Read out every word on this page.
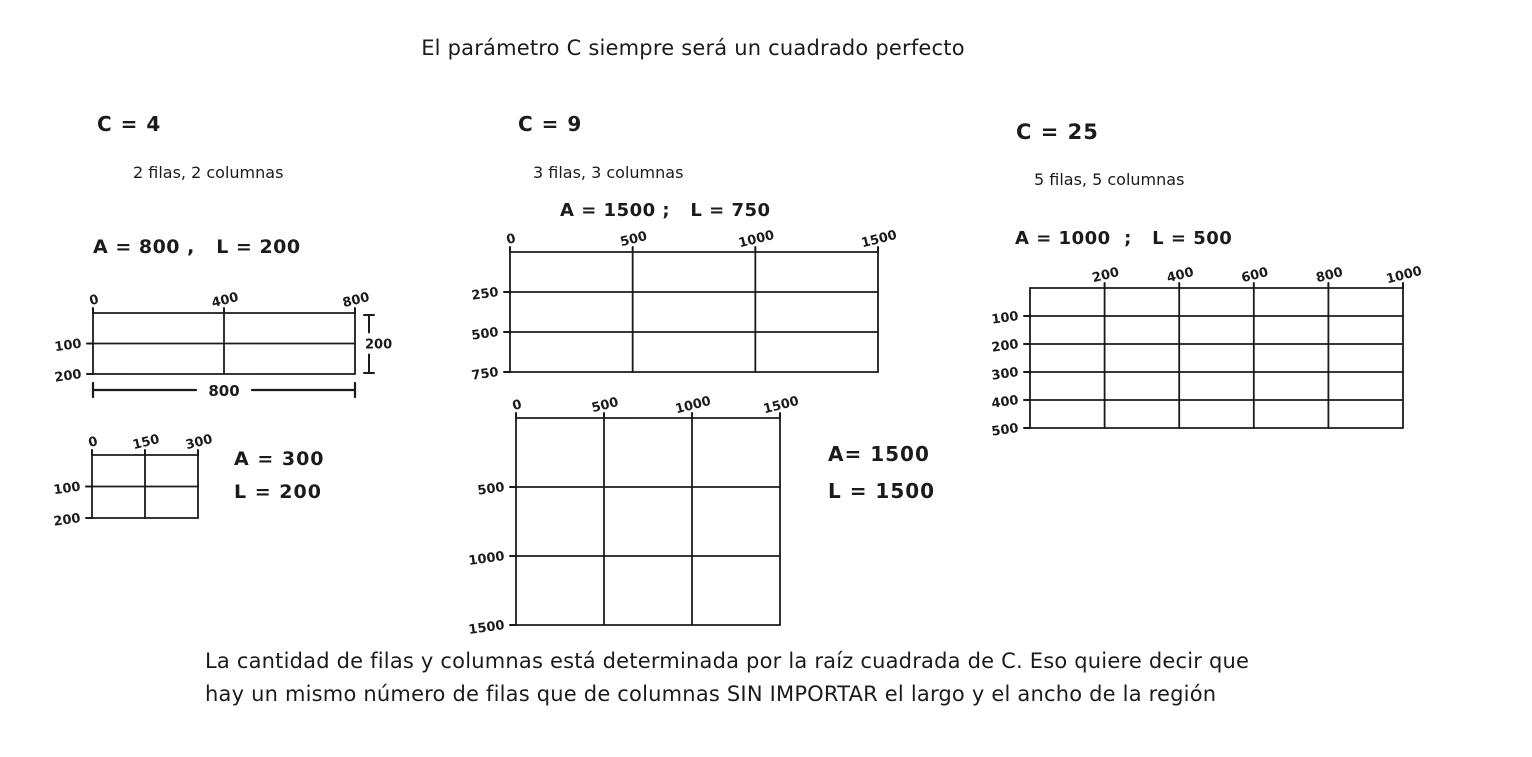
El parámetro C siempre será un cuadrado perfecto
C = 4
2 filas, 2 columnas
A = 800 ,   L = 200
C = 9
3 filas, 3 columnas
A = 1500 ;   L = 750
C = 25
5 filas, 5 columnas
A = 1000  ;   L = 500
0	400	800
100
200
200
800
0 150 300
100
200
A = 300
L = 200
0	500	1000	1500
250
500
750
0	500	1000	1500
500
1000
1500
A= 1500
L = 1500
200	400	600	800	1000
100
200
300
400
500
La cantidad de filas y columnas está determinada por la raíz cuadrada de C. Eso quiere decir que
hay un mismo número de filas que de columnas SIN IMPORTAR el largo y el ancho de la región
